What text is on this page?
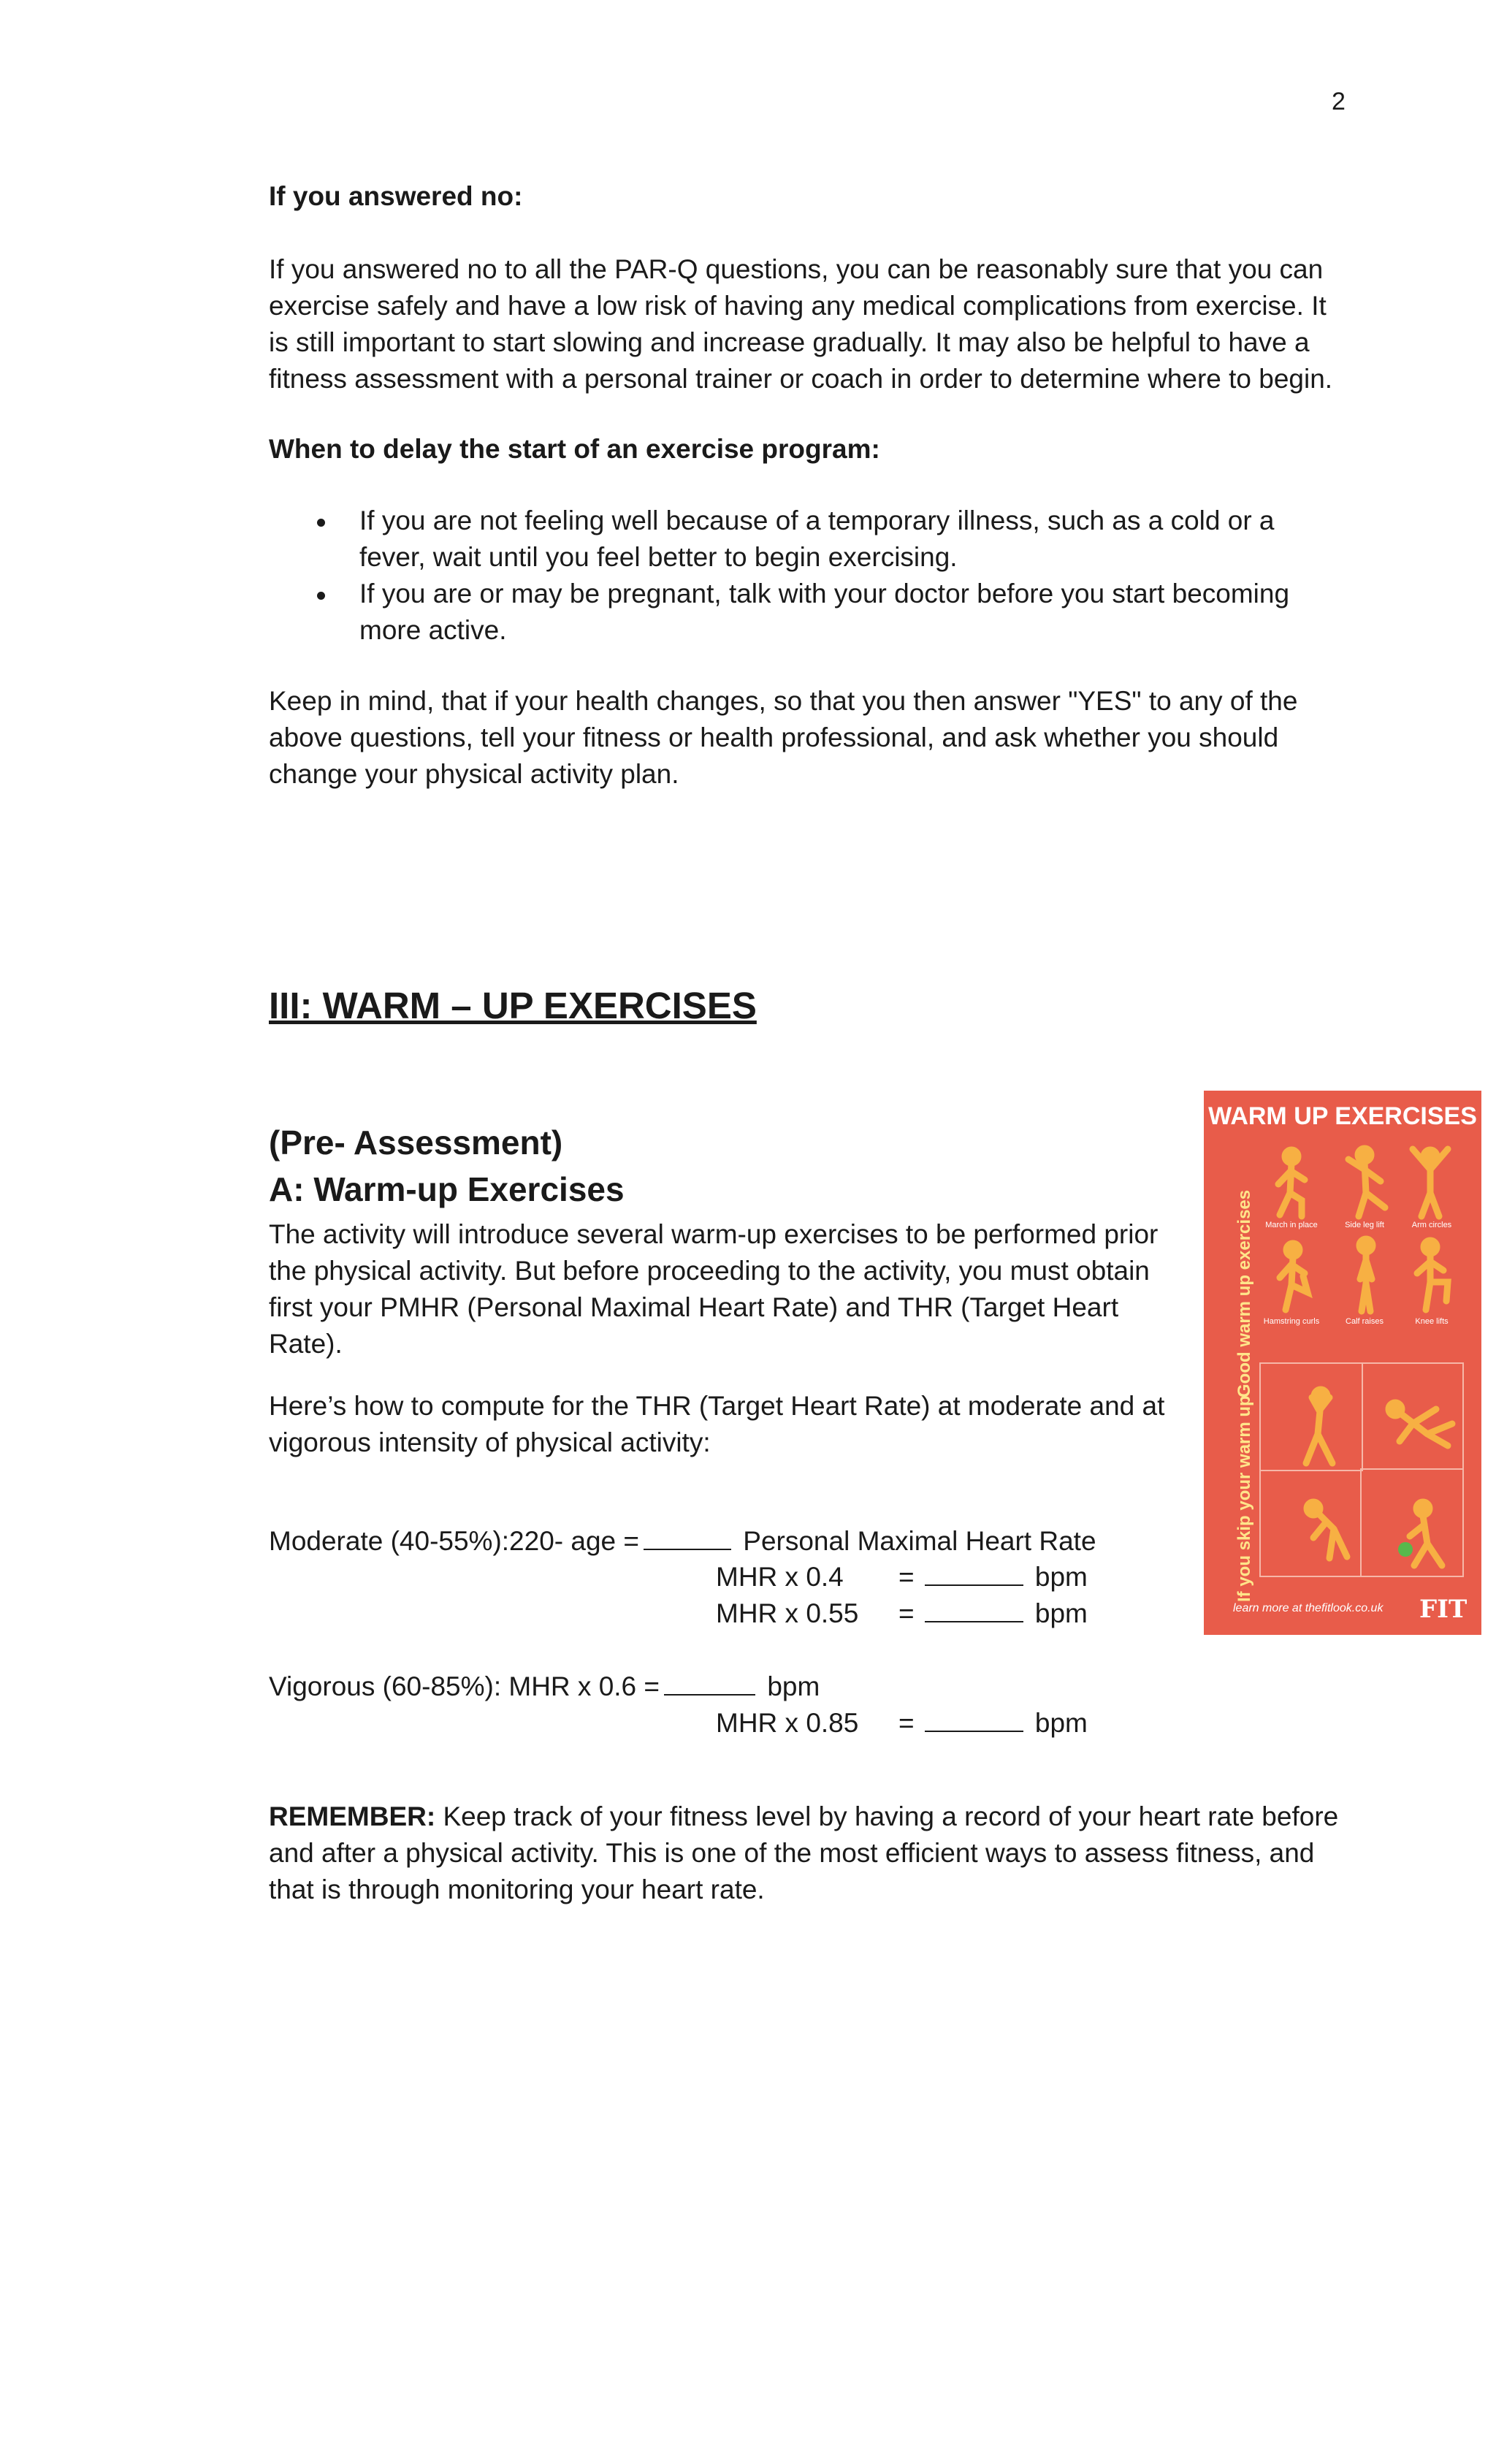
2

If you answered no:

If you answered no to all the PAR-Q questions, you can be reasonably sure that you can exercise safely and have a low risk of having any medical complications from exercise. It is still important to start slowing and increase gradually. It may also be helpful to have a fitness assessment with a personal trainer or coach in order to determine where to begin.

When to delay the start of an exercise program:

If you are not feeling well because of a temporary illness, such as a cold or a fever, wait until you feel better to begin exercising.
If you are or may be pregnant, talk with your doctor before you start becoming more active.

Keep in mind, that if your health changes, so that you then answer "YES" to any of the above questions, tell your fitness or health professional, and ask whether you should change your physical activity plan.

III: WARM – UP EXERCISES
(Pre- Assessment)
A: Warm-up Exercises

The activity will introduce several warm-up exercises to be performed prior the physical activity. But before proceeding to the activity, you must obtain first your PMHR (Personal Maximal Heart Rate) and THR (Target Heart Rate).

Here’s how to compute for the THR (Target Heart Rate) at moderate and at vigorous intensity of physical activity:

Moderate (40-55%):220- age =	Personal Maximal Heart Rate
MHR x 0.4 =	bpm
MHR x 0.55 =	bpm
Vigorous (60-85%): MHR x 0.6 =	bpm
MHR x 0.85 =	bpm

REMEMBER: Keep track of your fitness level by having a record of your heart rate before and after a physical activity. This is one of the most efficient ways to assess fitness, and that is through monitoring your heart rate.

WARM UP EXERCISES
Good warm up exercises
If you skip your warm up
March in place	Side leg lift	Arm circles
Hamstring curls	Calf raises	Knee lifts
learn more at thefitlook.co.uk FIT
